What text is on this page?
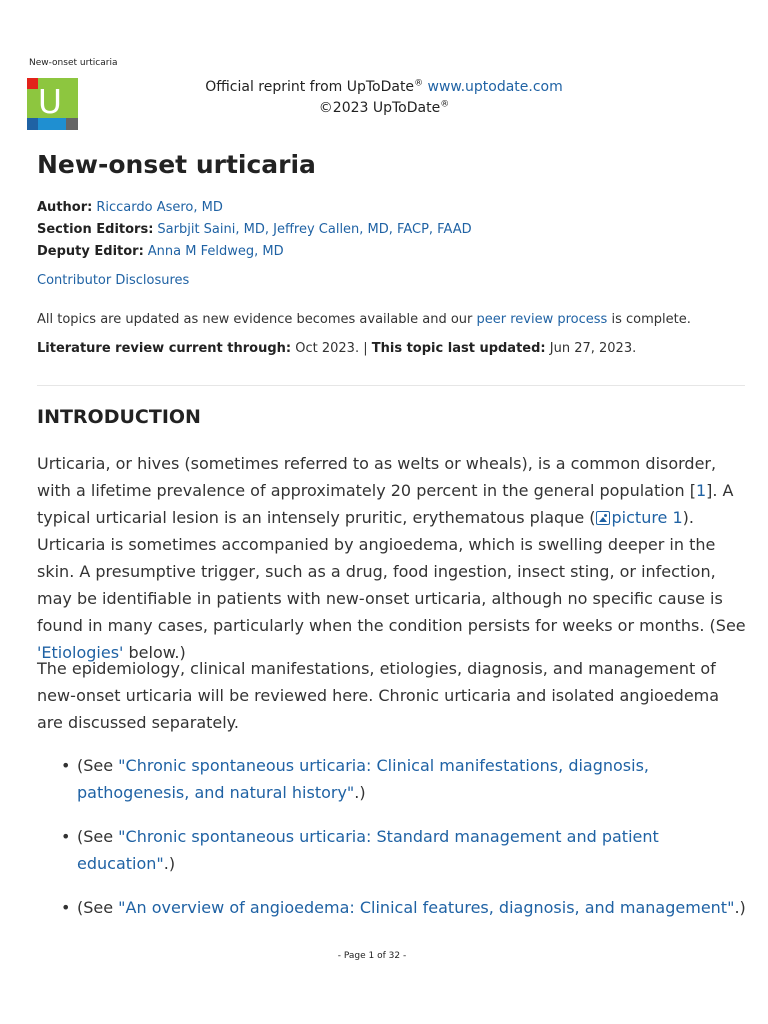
New-onset urticaria
U	Official reprint from UpToDate® www.uptodate.com
©2023 UpToDate®
New-onset urticaria
Author: Riccardo Asero, MD
Section Editors: Sarbjit Saini, MD, Jeffrey Callen, MD, FACP, FAAD
Deputy Editor: Anna M Feldweg, MD
Contributor Disclosures
All topics are updated as new evidence becomes available and our peer review process is complete.
Literature review current through: Oct 2023. | This topic last updated: Jun 27, 2023.
INTRODUCTION
Urticaria, or hives (sometimes referred to as welts or wheals), is a common disorder, with a lifetime prevalence of approximately 20 percent in the general population [1]. A typical urticarial lesion is an intensely pruritic, erythematous plaque ( picture 1). Urticaria is sometimes accompanied by angioedema, which is swelling deeper in the skin. A presumptive trigger, such as a drug, food ingestion, insect sting, or infection, may be identifiable in patients with new-onset urticaria, although no specific cause is found in many cases, particularly when the condition persists for weeks or months. (See 'Etiologies' below.)
The epidemiology, clinical manifestations, etiologies, diagnosis, and management of new-onset urticaria will be reviewed here. Chronic urticaria and isolated angioedema are discussed separately.
• (See "Chronic spontaneous urticaria: Clinical manifestations, diagnosis, pathogenesis, and natural history".)
• (See "Chronic spontaneous urticaria: Standard management and patient education".)
• (See "An overview of angioedema: Clinical features, diagnosis, and management".)
- Page 1 of 32 -
